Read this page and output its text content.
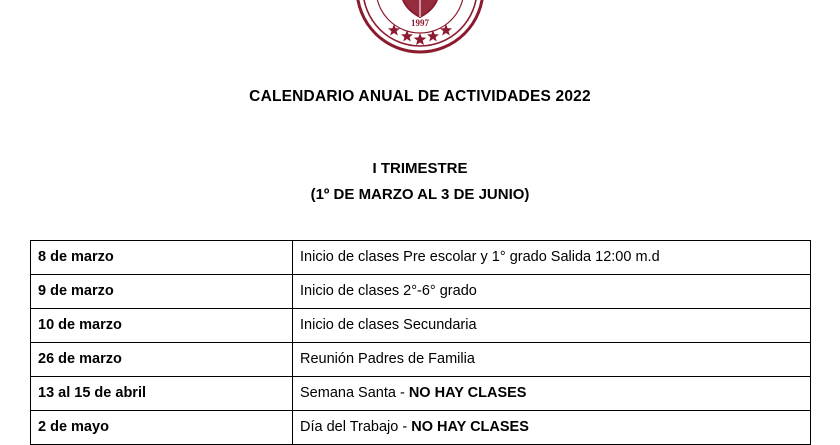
1997
CALENDARIO ANUAL DE ACTIVIDADES 2022
I TRIMESTRE
(1º DE MARZO AL 3 DE JUNIO)
8 de marzo	Inicio de clases Pre escolar y 1° grado Salida 12:00 m.d
9 de marzo	Inicio de clases 2°-6° grado
10 de marzo	Inicio de clases Secundaria
26 de marzo	Reunión Padres de Familia
13 al 15 de abril	Semana Santa - NO HAY CLASES
2 de mayo	Día del Trabajo - NO HAY CLASES
